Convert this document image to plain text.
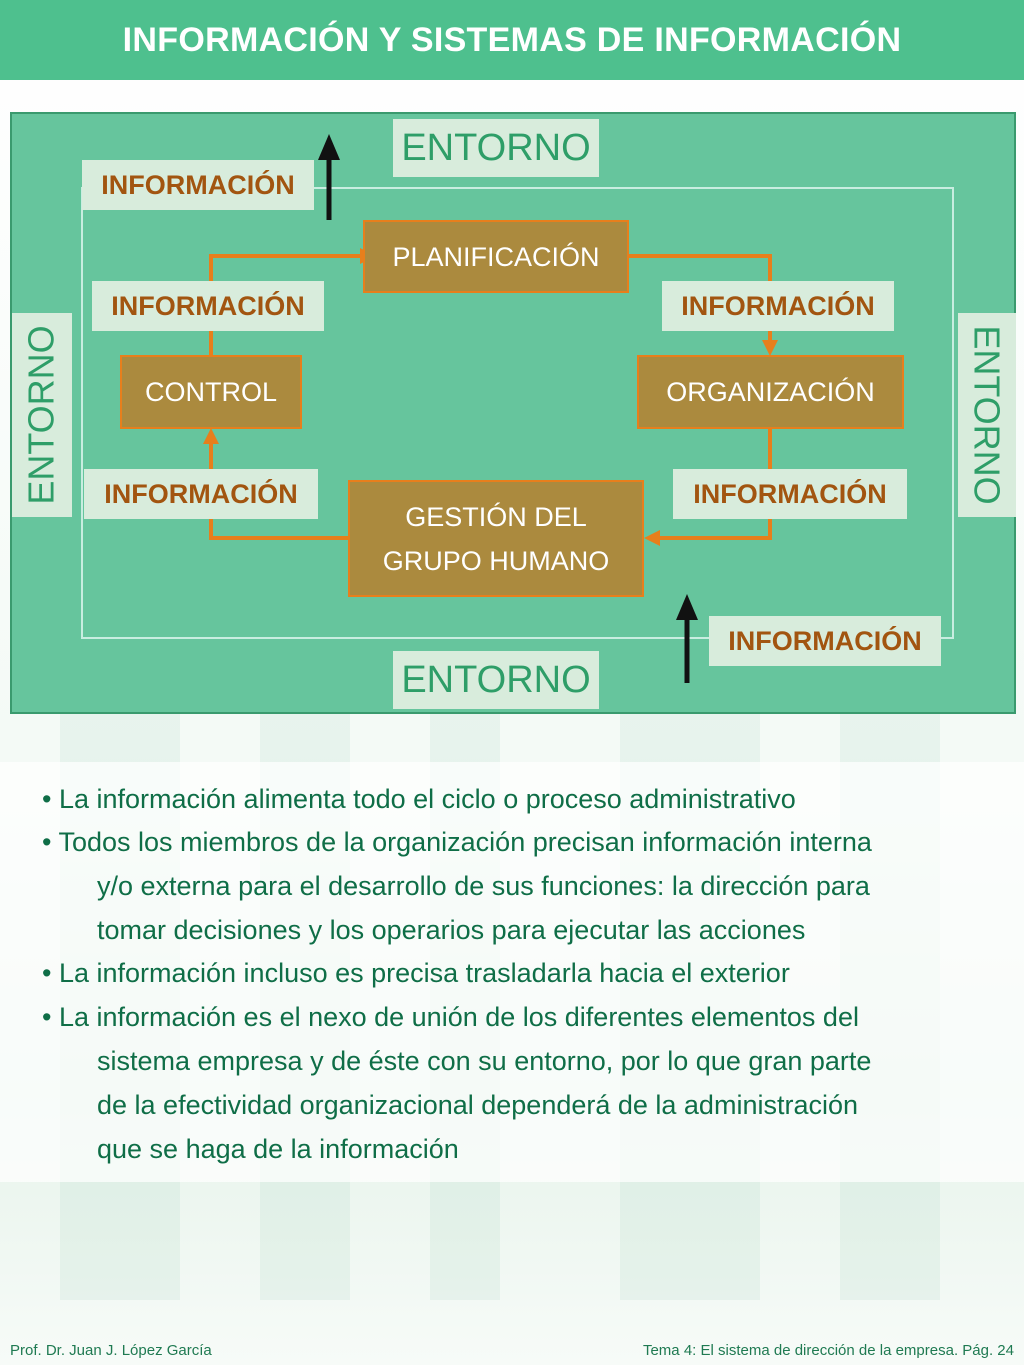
INFORMACIÓN Y SISTEMAS DE INFORMACIÓN
ENTORNO
ENTORNO
ENTORNO	ENTORNO
INFORMACIÓN
INFORMACIÓN	INFORMACIÓN
INFORMACIÓN	INFORMACIÓN
INFORMACIÓN
PLANIFICACIÓN
CONTROL	ORGANIZACIÓN
GESTIÓN DEL
GRUPO HUMANO
• La información alimenta todo el ciclo o proceso administrativo
• Todos los miembros de la organización precisan información interna
y/o externa para el desarrollo de sus funciones: la dirección para
tomar decisiones y los operarios para ejecutar las acciones
• La información incluso es precisa trasladarla hacia el exterior
• La información es el nexo de unión de los diferentes elementos del
sistema empresa y de éste con su entorno, por lo que gran parte
de la efectividad organizacional dependerá de la administración
que se haga de la información
Prof. Dr. Juan J. López García	Tema 4: El sistema de dirección de la empresa. Pág. 24
